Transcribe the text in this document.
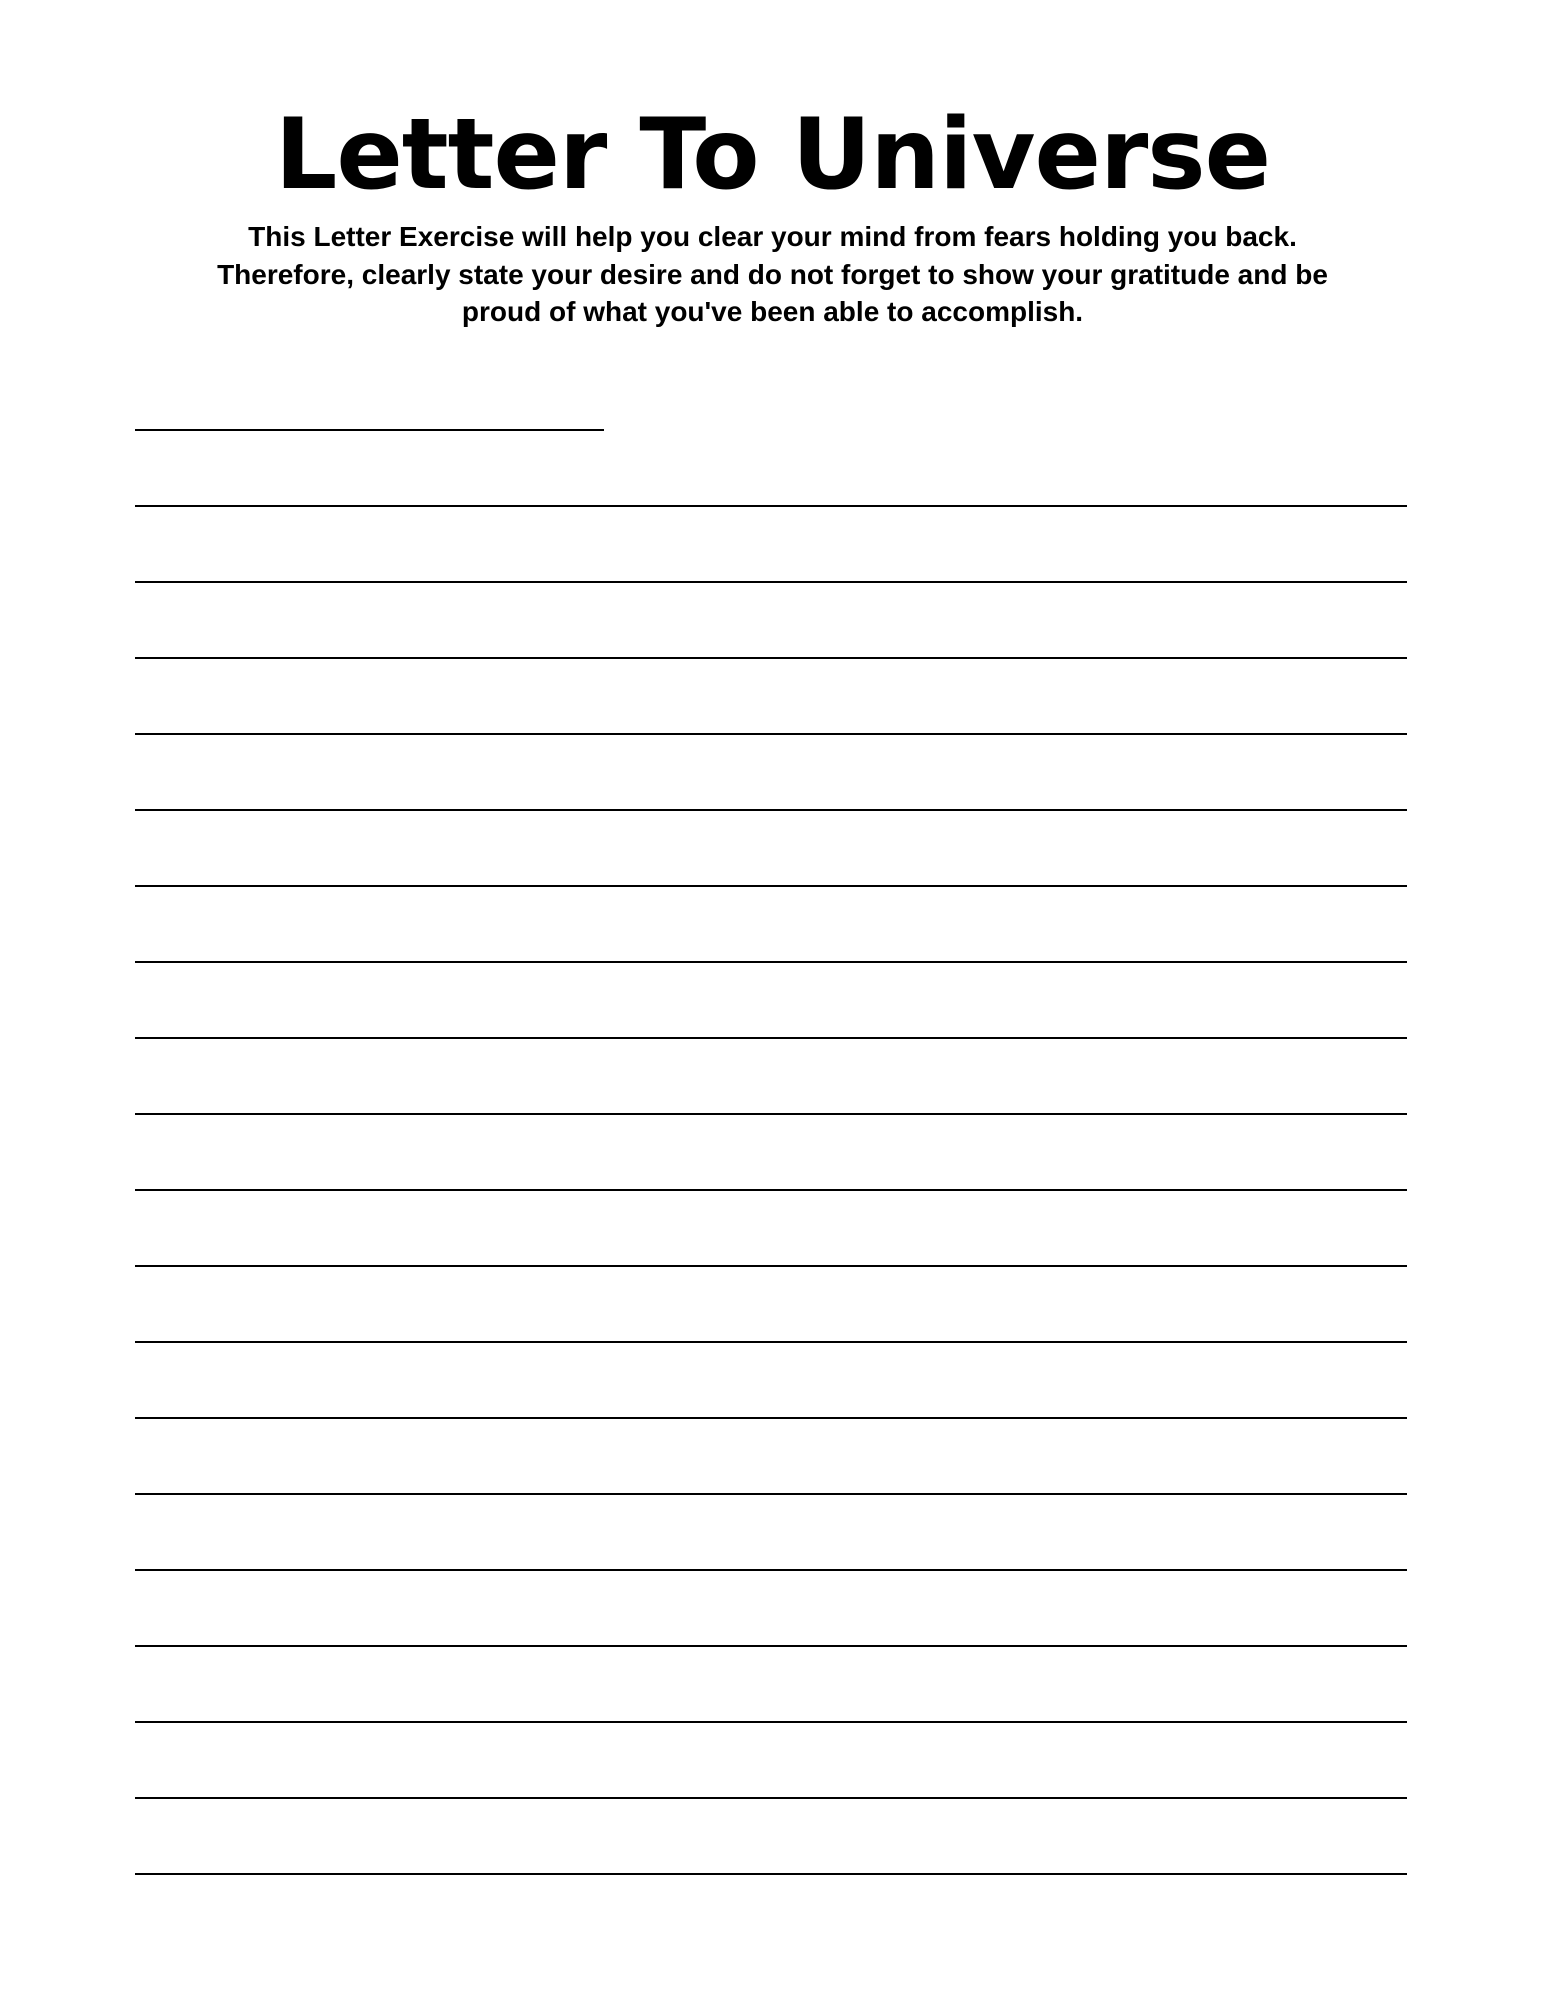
Letter To Universe

This Letter Exercise will help you clear your mind from fears holding you back.
Therefore, clearly state your desire and do not forget to show your gratitude and be
proud of what you've been able to accomplish.
